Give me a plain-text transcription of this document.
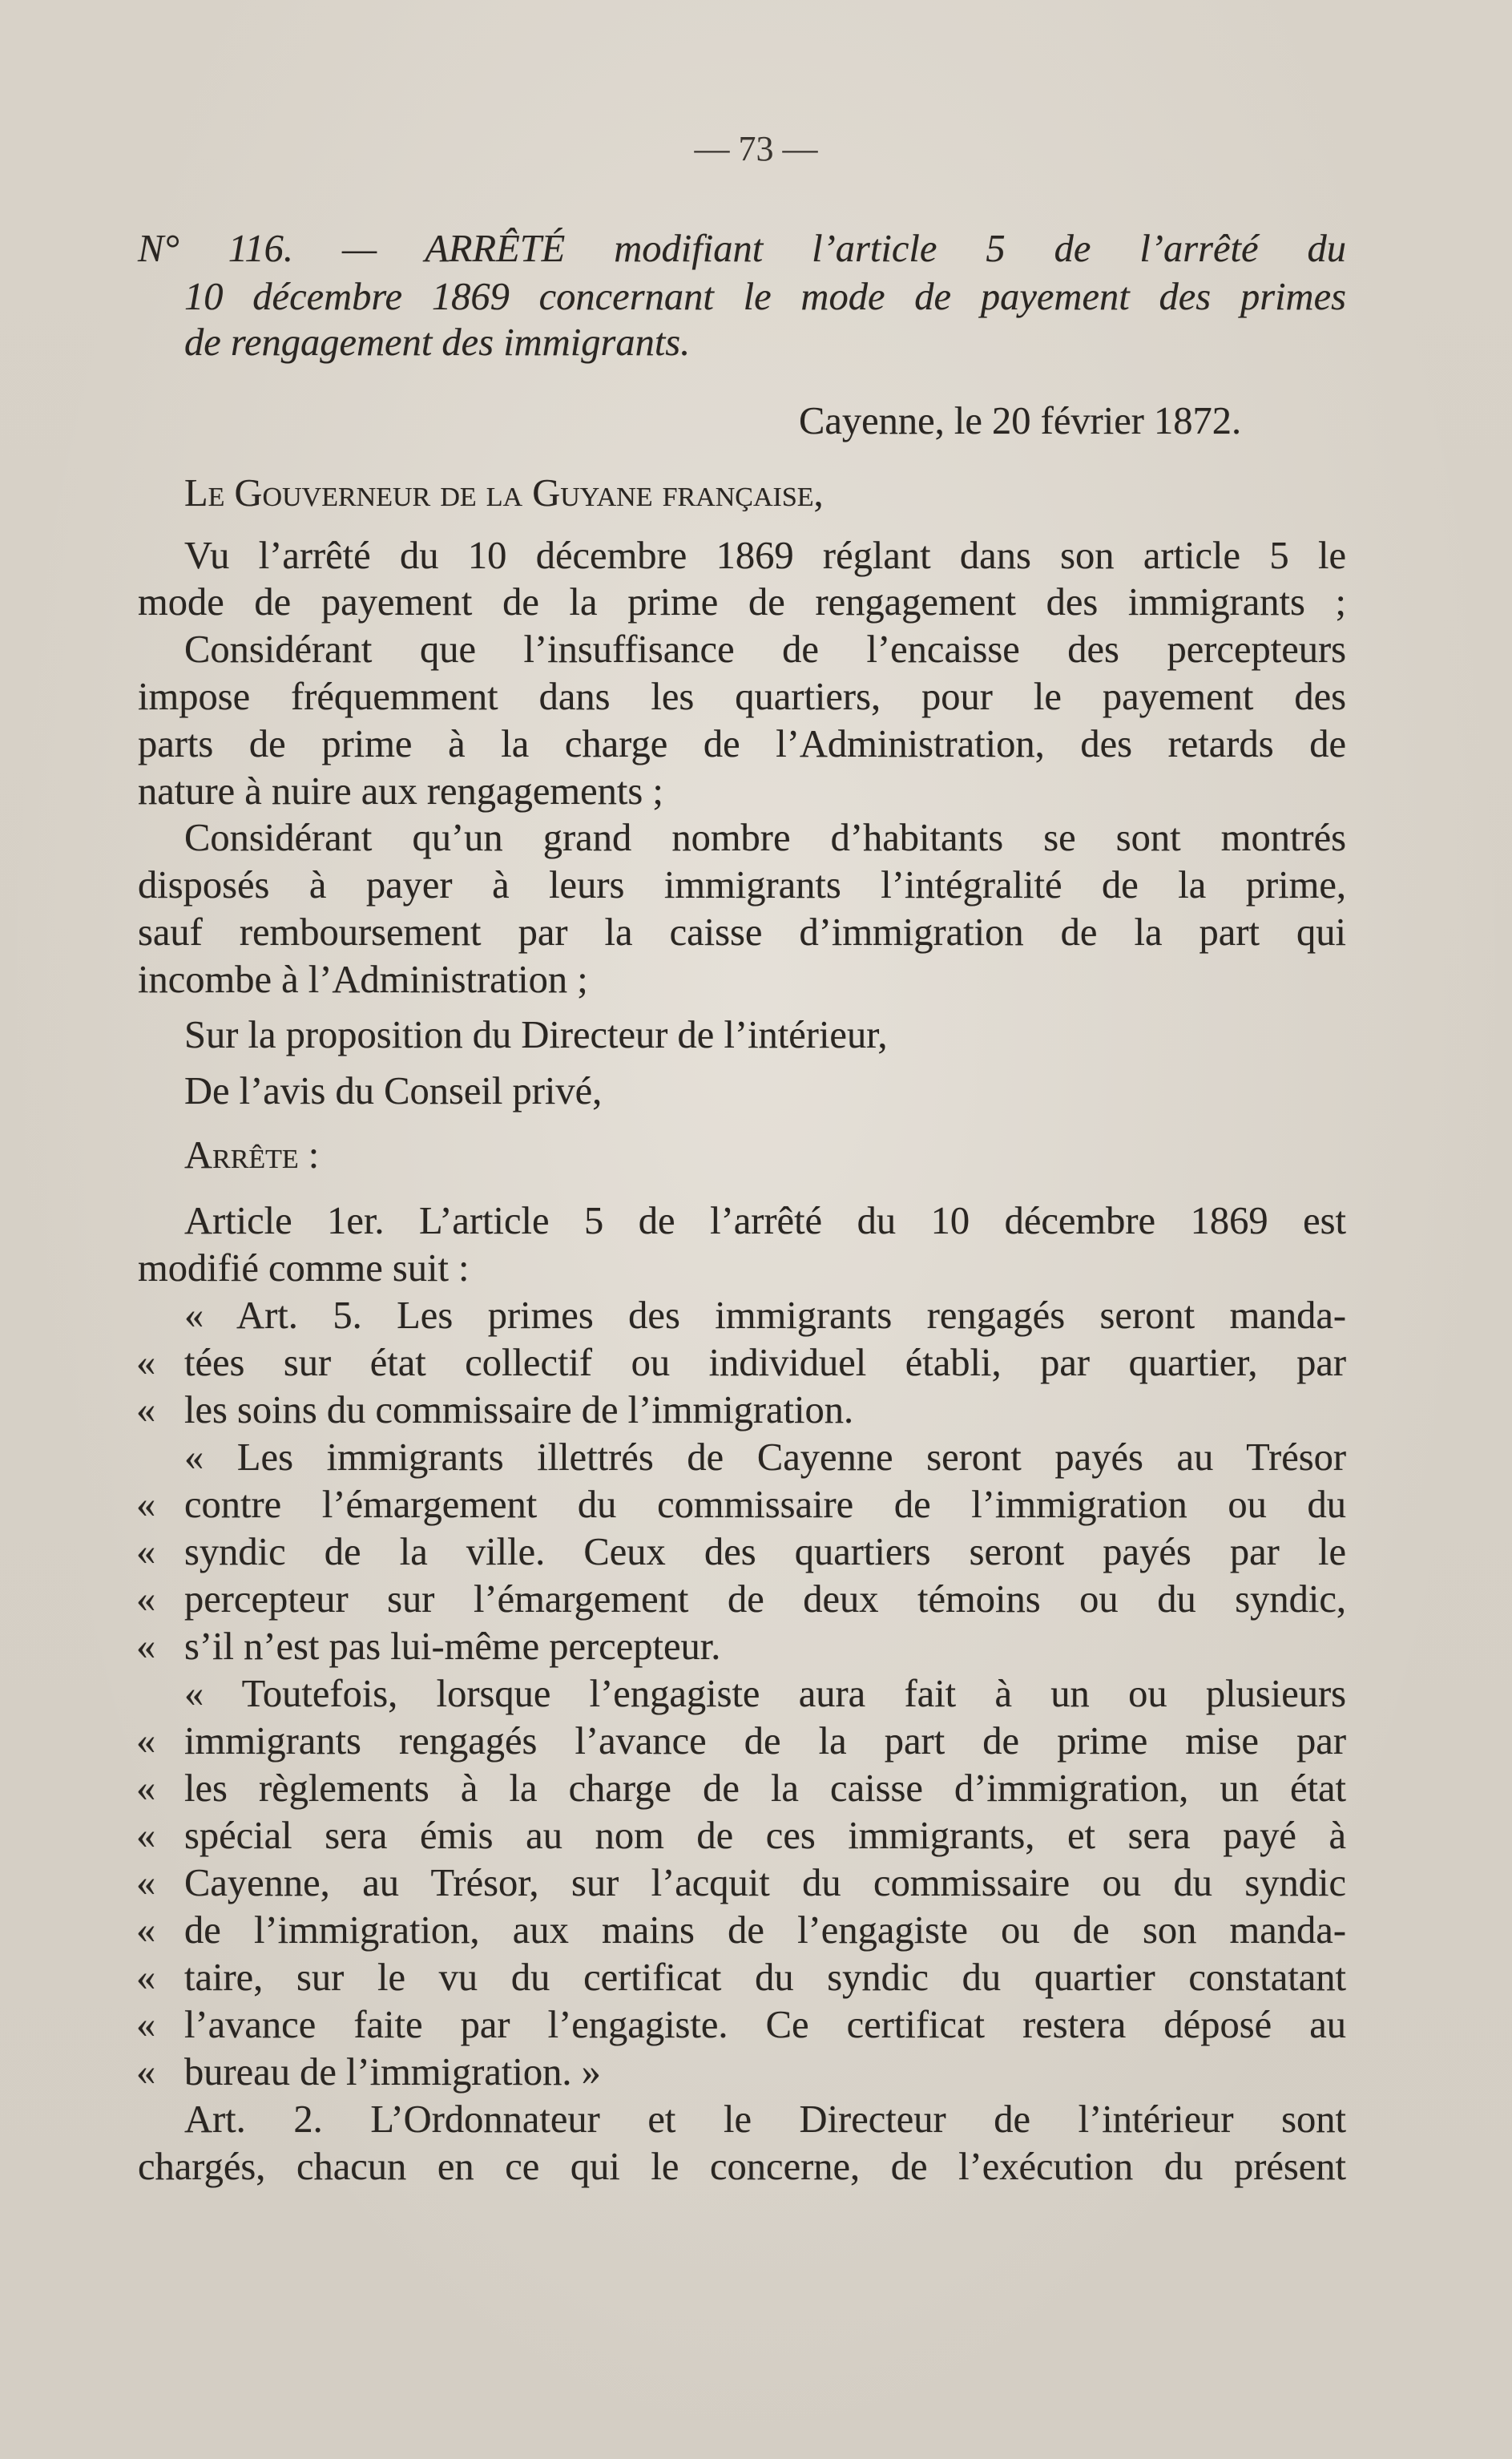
— 73 —
N° 116. — ARRÊTÉ modifiant l’article 5 de l’arrêté du
10 décembre 1869 concernant le mode de payement des primes
de rengagement des immigrants.
Cayenne, le 20 février 1872.
Le Gouverneur de la Guyane française,
Vu l’arrêté du 10 décembre 1869 réglant dans son article 5 le
mode de payement de la prime de rengagement des immigrants ;
Considérant que l’insuffisance de l’encaisse des percepteurs
impose fréquemment dans les quartiers, pour le payement des
parts de prime à la charge de l’Administration, des retards de
nature à nuire aux rengagements ;
Considérant qu’un grand nombre d’habitants se sont montrés
disposés à payer à leurs immigrants l’intégralité de la prime,
sauf remboursement par la caisse d’immigration de la part qui
incombe à l’Administration ;
Sur la proposition du Directeur de l’intérieur,
De l’avis du Conseil privé,
Arrête :
Article 1er. L’article 5 de l’arrêté du 10 décembre 1869 est
modifié comme suit :
« Art. 5. Les primes des immigrants rengagés seront manda-
« tées sur état collectif ou individuel établi, par quartier, par
« les soins du commissaire de l’immigration.
« Les immigrants illettrés de Cayenne seront payés au Trésor
« contre l’émargement du commissaire de l’immigration ou du
« syndic de la ville. Ceux des quartiers seront payés par le
« percepteur sur l’émargement de deux témoins ou du syndic,
« s’il n’est pas lui-même percepteur.
« Toutefois, lorsque l’engagiste aura fait à un ou plusieurs
« immigrants rengagés l’avance de la part de prime mise par
« les règlements à la charge de la caisse d’immigration, un état
« spécial sera émis au nom de ces immigrants, et sera payé à
« Cayenne, au Trésor, sur l’acquit du commissaire ou du syndic
« de l’immigration, aux mains de l’engagiste ou de son manda-
« taire, sur le vu du certificat du syndic du quartier constatant
« l’avance faite par l’engagiste. Ce certificat restera déposé au
« bureau de l’immigration. »
Art. 2. L’Ordonnateur et le Directeur de l’intérieur sont
chargés, chacun en ce qui le concerne, de l’exécution du présent
